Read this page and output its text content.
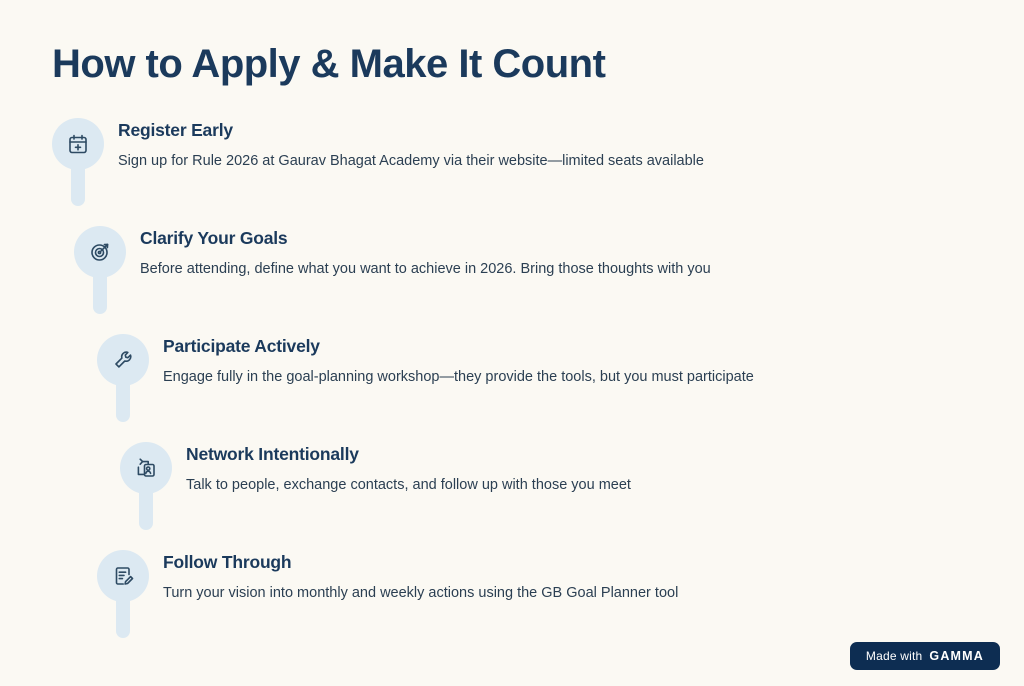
How to Apply & Make It Count
Register Early
Sign up for Rule 2026 at Gaurav Bhagat Academy via their website—limited seats available
Clarify Your Goals
Before attending, define what you want to achieve in 2026. Bring those thoughts with you
Participate Actively
Engage fully in the goal-planning workshop—they provide the tools, but you must participate
Network Intentionally
Talk to people, exchange contacts, and follow up with those you meet
Follow Through
Turn your vision into monthly and weekly actions using the GB Goal Planner tool
Made with GAMMA
